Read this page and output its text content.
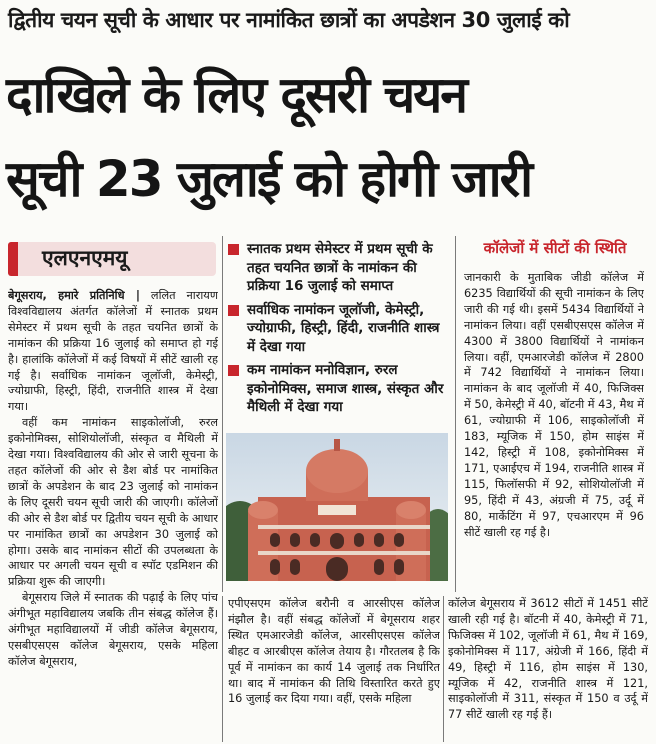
द्वितीय चयन सूची के आधार पर नामांकित छात्रों का अपडेशन 30 जुलाई को
दाखिले के लिए दूसरी चयन
सूची 23 जुलाई को होगी जारी
एलएनएमयू

बेगूसराय, हमारे प्रतिनिधि | ललित नारायण विश्वविद्यालय अंतर्गत कॉलेजों में स्नातक प्रथम सेमेस्टर में प्रथम सूची के तहत चयनित छात्रों के नामांकन की प्रक्रिया 16 जुलाई को समाप्त हो गई है। हालांकि कॉलेजों में कई विषयों में सीटें खाली रह गई है। सर्वाधिक नामांकन जूलॉजी, केमेस्ट्री, ज्योग्राफी, हिस्ट्री, हिंदी, राजनीति शास्त्र में देखा गया।

वहीं कम नामांकन साइकोलॉजी, रुरल इकोनोमिक्स, सोशियोलॉजी, संस्कृत व मैथिली में देखा गया। विश्वविद्यालय की ओर से जारी सूचना के तहत कॉलेजों की ओर से डैश बोर्ड पर नामांकित छात्रों के अपडेशन के बाद 23 जुलाई को नामांकन के लिए दूसरी चयन सूची जारी की जाएगी। कॉलेजों की ओर से डैश बोर्ड पर द्वितीय चयन सूची के आधार पर नामांकित छात्रों का अपडेशन 30 जुलाई को होगा। उसके बाद नामांकन सीटों की उपलब्धता के आधार पर अगली चयन सूची व स्पॉट एडमिशन की प्रक्रिया शुरू की जाएगी।

बेगूसराय जिले में स्नातक की पढ़ाई के लिए पांच अंगीभूत महाविद्यालय जबकि तीन संबद्ध कॉलेज हैं। अंगीभूत महाविद्यालयों में जीडी कॉलेज बेगूसराय, एसबीएसएस कॉलेज बेगूसराय, एसके महिला कॉलेज बेगूसराय,

स्नातक प्रथम सेमेस्टर में प्रथम सूची के तहत चयनित छात्रों के नामांकन की प्रक्रिया 16 जुलाई को समाप्त
सर्वाधिक नामांकन जूलॉजी, केमेस्ट्री, ज्योग्राफी, हिस्ट्री, हिंदी, राजनीति शास्त्र में देखा गया
कम नामांकन मनोविज्ञान, रुरल इकोनोमिक्स, समाज शास्त्र, संस्कृत और मैथिली में देखा गया
कॉलेजों में सीटों की स्थिति
जानकारी के मुताबिक जीडी कॉलेज में 6235 विद्यार्थियों की सूची नामांकन के लिए जारी की गई थी। इसमें 5434 विद्यार्थियों ने नामांकन लिया। वहीं एसबीएसएस कॉलेज में 4300 में 3800 विद्यार्थियों ने नामांकन लिया। वहीं, एमआरजेडी कॉलेज में 2800 में 742 विद्यार्थियों ने नामांकन लिया। नामांकन के बाद जूलॉजी में 40, फिजिक्स में 50, केमेस्ट्री में 40, बॉटनी में 43, मैथ में 61, ज्योग्राफी में 106, साइकोलॉजी में 183, म्यूजिक में 150, होम साइंस में 142, हिस्ट्री में 108, इकोनोमिक्स में 171, एआईएच में 194, राजनीति शास्त्र में 115, फिलॉसफी में 92, सोशियोलॉजी में 95, हिंदी में 43, अंग्रजी में 75, उर्दू में 80, मार्केटिंग में 97, एचआरएम में 96 सीटें खाली रह गई है।
एपीएसएम कॉलेज बरौनी व आरसीएस कॉलेज मंझौल है। वहीं संबद्ध कॉलेजों में बेगूसराय शहर स्थित एमआरजेडी कॉलेज, आरसीएसएस कॉलेज बीहट व आरबीएस कॉलेज तेयाय है। गौरतलब है कि पूर्व में नामांकन का कार्य 14 जुलाई तक निर्धारित था। बाद में नामांकन की तिथि विस्तारित करते हुए 16 जुलाई कर दिया गया। वहीं, एसके महिला
कॉलेज बेगूसराय में 3612 सीटों में 1451 सीटें खाली रही गई है। बॉटनी में 40, केमेस्ट्री में 71, फिजिक्स में 102, जूलॉजी में 61, मैथ में 169, इकोनोमिक्स में 117, अंग्रेजी में 166, हिंदी में 49, हिस्ट्री में 116, होम साइंस में 130, म्यूजिक में 42, राजनीति शास्त्र में 121, साइकोलॉजी में 311, संस्कृत में 150 व उर्दू में 77 सीटें खाली रह गई हैं।
